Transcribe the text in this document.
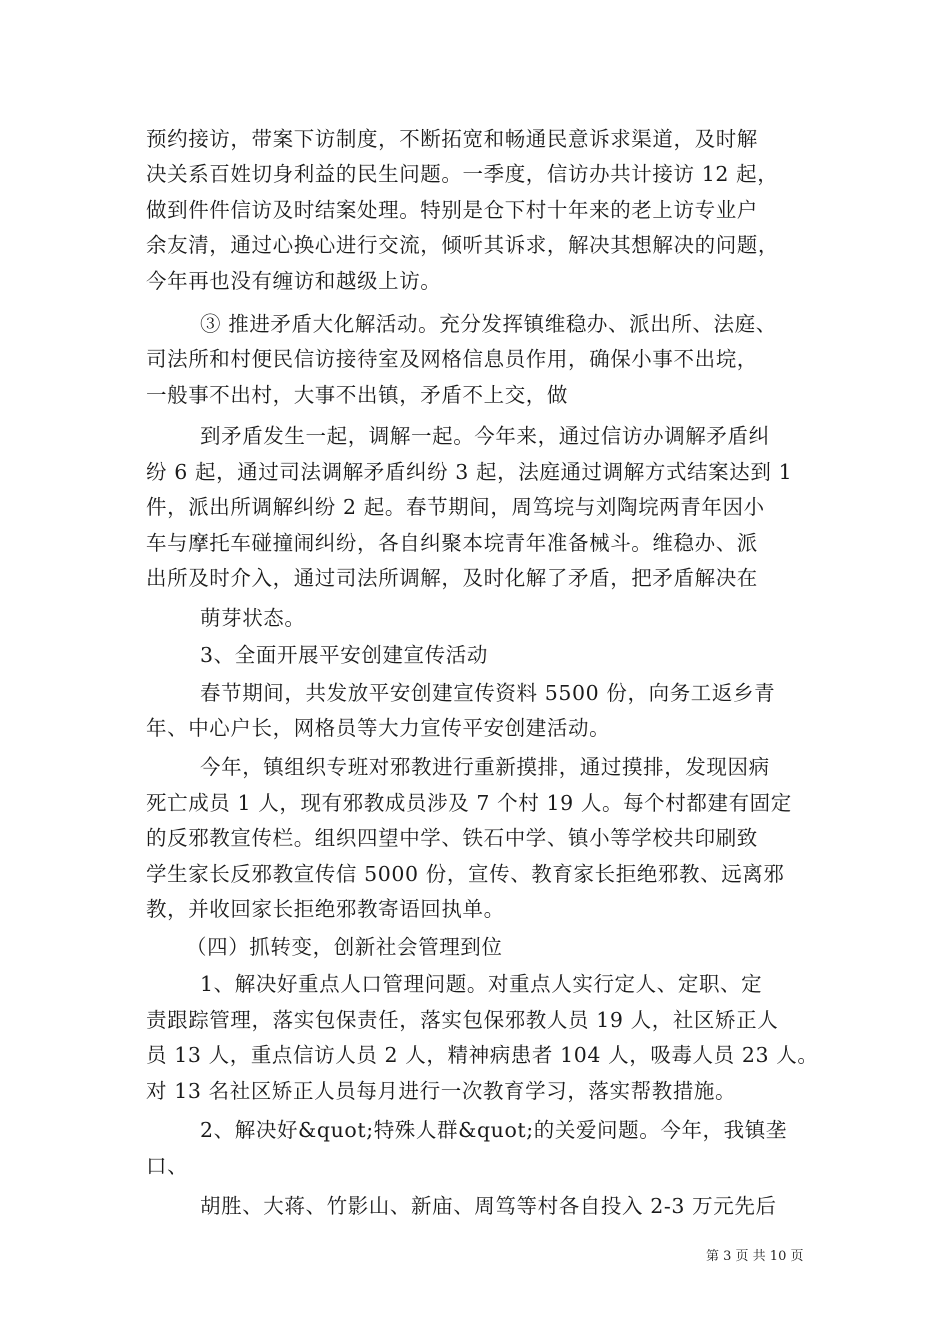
预约接访，带案下访制度，不断拓宽和畅通民意诉求渠道，及时解
决关系百姓切身利益的民生问题。一季度，信访办共计接访 12 起，
做到件件信访及时结案处理。特别是仓下村十年来的老上访专业户
余友清，通过心换心进行交流，倾听其诉求，解决其想解决的问题，
今年再也没有缠访和越级上访。
③ 推进矛盾大化解活动。充分发挥镇维稳办、派出所、法庭、
司法所和村便民信访接待室及网格信息员作用，确保小事不出垸，
一般事不出村，大事不出镇，矛盾不上交，做
到矛盾发生一起，调解一起。今年来，通过信访办调解矛盾纠
纷 6 起，通过司法调解矛盾纠纷 3 起，法庭通过调解方式结案达到 1
件，派出所调解纠纷 2 起。春节期间，周笃垸与刘陶垸两青年因小
车与摩托车碰撞闹纠纷，各自纠聚本垸青年准备械斗。维稳办、派
出所及时介入，通过司法所调解，及时化解了矛盾，把矛盾解决在
萌芽状态。
3、全面开展平安创建宣传活动
春节期间，共发放平安创建宣传资料 5500 份，向务工返乡青
年、中心户长，网格员等大力宣传平安创建活动。
今年，镇组织专班对邪教进行重新摸排，通过摸排，发现因病
死亡成员 1 人，现有邪教成员涉及 7 个村 19 人。每个村都建有固定
的反邪教宣传栏。组织四望中学、铁石中学、镇小等学校共印刷致
学生家长反邪教宣传信 5000 份，宣传、教育家长拒绝邪教、远离邪
教，并收回家长拒绝邪教寄语回执单。
（四）抓转变，创新社会管理到位
1、解决好重点人口管理问题。对重点人实行定人、定职、定
责跟踪管理，落实包保责任，落实包保邪教人员 19 人，社区矫正人
员 13 人，重点信访人员 2 人，精神病患者 104 人，吸毒人员 23 人。
对 13 名社区矫正人员每月进行一次教育学习，落实帮教措施。
2、解决好&quot;特殊人群&quot;的关爱问题。今年，我镇垄
口、
胡胜、大蒋、竹影山、新庙、周笃等村各自投入 2-3 万元先后
第 3 页 共 10 页
